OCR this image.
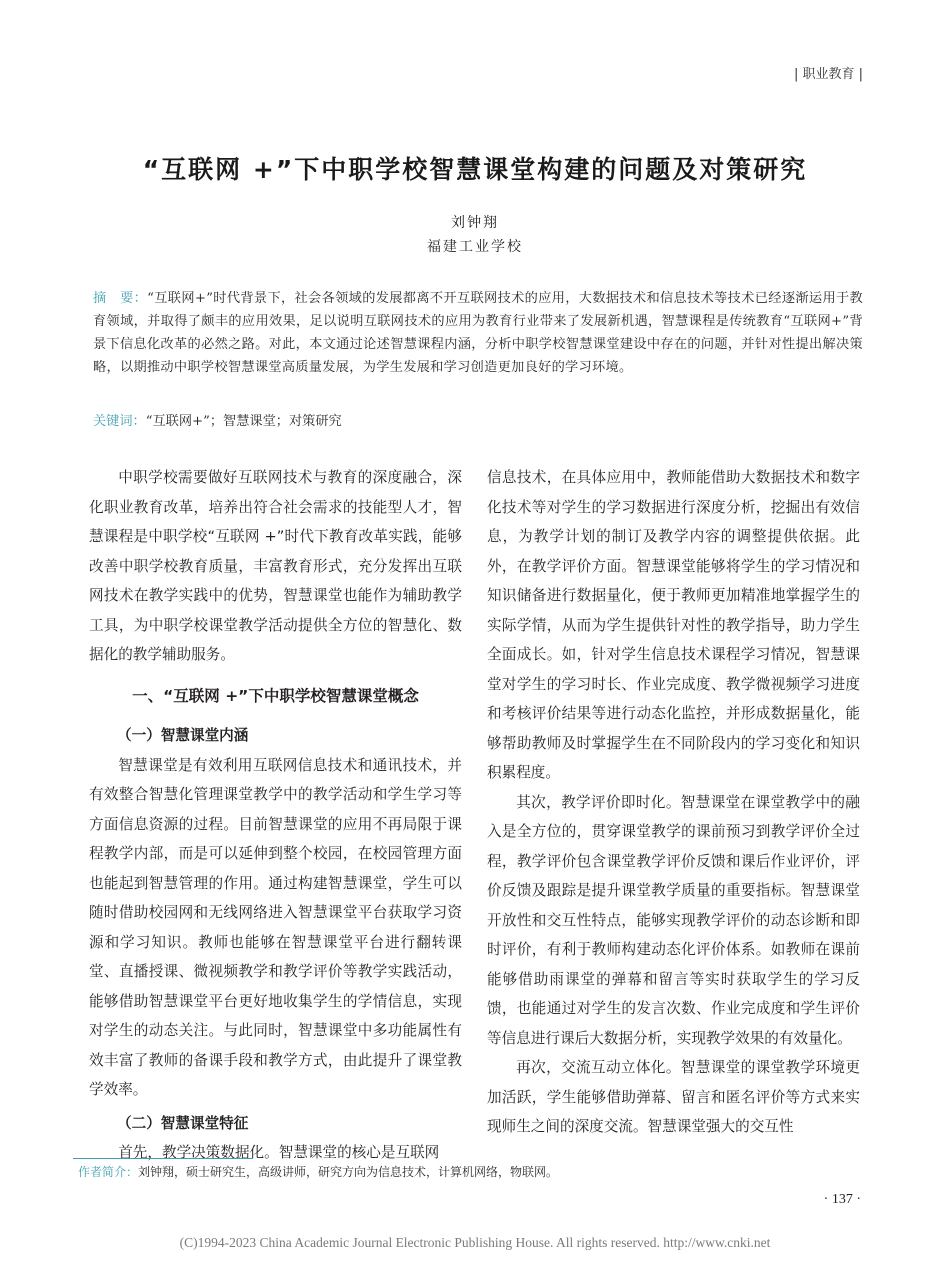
| 职业教育 |
“互联网 +”下中职学校智慧课堂构建的问题及对策研究
刘钟翔
福建工业学校
摘　要：“互联网+”时代背景下，社会各领域的发展都离不开互联网技术的应用，大数据技术和信息技术等技术已经逐渐运用于教育领域，并取得了颇丰的应用效果，足以说明互联网技术的应用为教育行业带来了发展新机遇，智慧课程是传统教育“互联网+”背景下信息化改革的必然之路。对此，本文通过论述智慧课程内涵，分析中职学校智慧课堂建设中存在的问题，并针对性提出解决策略，以期推动中职学校智慧课堂高质量发展，为学生发展和学习创造更加良好的学习环境。
关键词：“互联网+”；智慧课堂；对策研究

中职学校需要做好互联网技术与教育的深度融合，深化职业教育改革，培养出符合社会需求的技能型人才，智慧课程是中职学校“互联网 +”时代下教育改革实践，能够改善中职学校教育质量，丰富教育形式，充分发挥出互联网技术在教学实践中的优势，智慧课堂也能作为辅助教学工具，为中职学校课堂教学活动提供全方位的智慧化、数据化的教学辅助服务。

一、“互联网 +”下中职学校智慧课堂概念
（一）智慧课堂内涵

智慧课堂是有效利用互联网信息技术和通讯技术，并有效整合智慧化管理课堂教学中的教学活动和学生学习等方面信息资源的过程。目前智慧课堂的应用不再局限于课程教学内部，而是可以延伸到整个校园，在校园管理方面也能起到智慧管理的作用。通过构建智慧课堂，学生可以随时借助校园网和无线网络进入智慧课堂平台获取学习资源和学习知识。教师也能够在智慧课堂平台进行翻转课堂、直播授课、微视频教学和教学评价等教学实践活动，能够借助智慧课堂平台更好地收集学生的学情信息，实现对学生的动态关注。与此同时，智慧课堂中多功能属性有效丰富了教师的备课手段和教学方式，由此提升了课堂教学效率。

（二）智慧课堂特征

首先，教学决策数据化。智慧课堂的核心是互联网

信息技术，在具体应用中，教师能借助大数据技术和数字化技术等对学生的学习数据进行深度分析，挖掘出有效信息，为教学计划的制订及教学内容的调整提供依据。此外，在教学评价方面。智慧课堂能够将学生的学习情况和知识储备进行数据量化，便于教师更加精准地掌握学生的实际学情，从而为学生提供针对性的教学指导，助力学生全面成长。如，针对学生信息技术课程学习情况，智慧课堂对学生的学习时长、作业完成度、教学微视频学习进度和考核评价结果等进行动态化监控，并形成数据量化，能够帮助教师及时掌握学生在不同阶段内的学习变化和知识积累程度。

其次，教学评价即时化。智慧课堂在课堂教学中的融入是全方位的，贯穿课堂教学的课前预习到教学评价全过程，教学评价包含课堂教学评价反馈和课后作业评价，评价反馈及跟踪是提升课堂教学质量的重要指标。智慧课堂开放性和交互性特点，能够实现教学评价的动态诊断和即时评价，有利于教师构建动态化评价体系。如教师在课前能够借助雨课堂的弹幕和留言等实时获取学生的学习反馈，也能通过对学生的发言次数、作业完成度和学生评价等信息进行课后大数据分析，实现教学效果的有效量化。

再次，交流互动立体化。智慧课堂的课堂教学环境更加活跃，学生能够借助弹幕、留言和匿名评价等方式来实现师生之间的深度交流。智慧课堂强大的交互性

作者简介：刘钟翔，硕士研究生，高级讲师，研究方向为信息技术，计算机网络，物联网。
· 137 ·
(C)1994-2023 China Academic Journal Electronic Publishing House. All rights reserved. http://www.cnki.net
